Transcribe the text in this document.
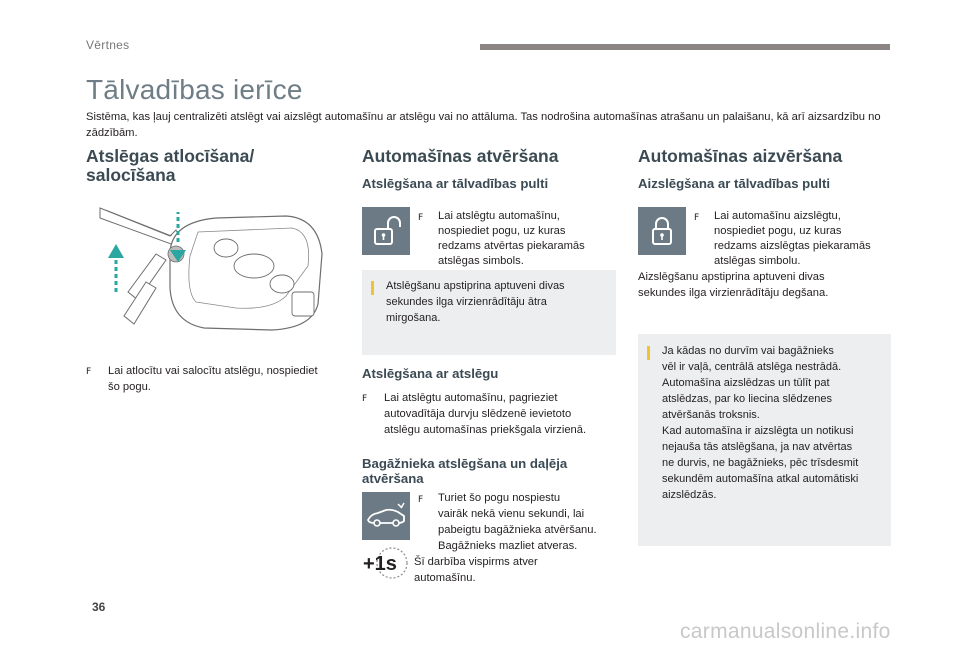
Vērtnes
Tālvadības ierīce
Sistēma, kas ļauj centralizēti atslēgt vai aizslēgt automašīnu ar atslēgu vai no attāluma. Tas nodrošina automašīnas atrašanu un palaišanu, kā arī aizsardzību no zādzībām.
Atslēgas atlocīšana/
salocīšana
F Lai atlocītu vai salocītu atslēgu, nospiediet
šo pogu.
Automašīnas atvēršana
Atslēgšana ar tālvadības pulti
F Lai atslēgtu automašīnu,
nospiediet pogu, uz kuras
redzams atvērtas piekaramās
atslēgas simbols.
Atslēgšanu apstiprina aptuveni divas
sekundes ilga virzienrādītāju ātra
mirgošana.
Atslēgšana ar atslēgu
F Lai atslēgtu automašīnu, pagrieziet
autovadītāja durvju slēdzenē ievietoto
atslēgu automašīnas priekšgala virzienā.
Bagāžnieka atslēgšana un daļēja
atvēršana
F Turiet šo pogu nospiestu
vairāk nekā vienu sekundi, lai
pabeigtu bagāžnieka atvēršanu.
Bagāžnieks mazliet atveras.
Šī darbība vispirms atver
automašīnu.
+1s
Automašīnas aizvēršana
Aizslēgšana ar tālvadības pulti
F Lai automašīnu aizslēgtu,
nospiediet pogu, uz kuras
redzams aizslēgtas piekaramās
atslēgas simbolu.
Aizslēgšanu apstiprina aptuveni divas
sekundes ilga virzienrādītāju degšana.
Ja kādas no durvīm vai bagāžnieks
vēl ir vaļā, centrālā atslēga nestrādā.
Automašīna aizslēdzas un tūlīt pat
atslēdzas, par ko liecina slēdzenes
atvēršanās troksnis.
Kad automašīna ir aizslēgta un notikusi
nejauša tās atslēgšana, ja nav atvērtas
ne durvis, ne bagāžnieks, pēc trīsdesmit
sekundēm automašīna atkal automātiski
aizslēdzās.
36
carmanualsonline.info
